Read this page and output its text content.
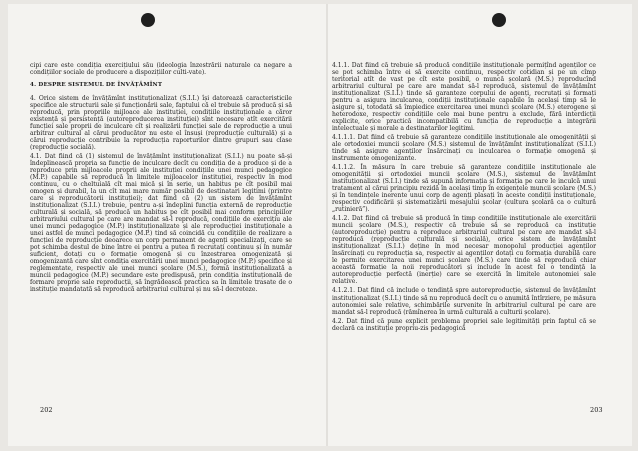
cipi care este condiția exercițiului său (ideologia înzestrării naturale ca negare a condițiilor sociale de producere a dispozițiilor culti-vate).

4. DESPRE SISTEMUL DE ÎNVĂȚĂMÎNT

4. Orice sistem de învățămînt instituționalizat (S.I.I.) își datorează caracteristicile specifice ale structurii sale și funcționării sale, faptului că el trebuie să producă și să reproducă, prin propriile mijloace ale instituției, condițiile instituționale a căror existență și persistență (autoreproducerea instituției) sînt necesare atît exercitării funcției sale proprii de inculcare cît și realizării funcției sale de reproducție a unui arbitrar cultural al cărui producător nu este el însuși (reproducție culturală) și a cărui reproducție contribuie la reproducția raporturilor dintre grupuri sau clase (reproducție socială).

4.1. Dat fiind că (1) sistemul de învățămînt instituționalizat (S.I.I.) nu poate să-și îndeplinească propria sa funcție de inculcare decît cu condiția de a produce și de a reproduce prin mijloacele proprii ale instituției condițiile unei munci pedagogice (M.P.) capabile să reproducă în limitele mijloacelor instituției, respectiv în mod continuu, cu o cheltuială cît mai mică și în serie, un habitus pe cît posibil mai omogen și durabil, la un cît mai mare număr posibil de destinatari legitimi (printre care și reproducătorii instituției); dat fiind că (2) un sistem de învățămînt instituționalizat (S.I.I.) trebuie, pentru a-și îndeplini funcția externă de reproducție culturală și socială, să producă un habitus pe cît posibil mai conform principiilor arbitrariului cultural pe care are mandat să-l reproducă, condițiile de exercițiu ale unei munci pedagogice (M.P.) instituționalizate și ale reproducției instituționale a unei astfel de munci pedagogice (M.P.) tind să coincidă cu condițiile de realizare a funcției de reproducție deoarece un corp permanent de agenți specializați, care se pot schimba destul de bine între ei pentru a putea fi recrutați continuu și în număr suficient, dotați cu o formație omogenă și cu înzestrarea omogenizată și omogenizantă care sînt condiția exercitării unei munci pedagogice (M.P.) specifice și reglementate, respectiv ale unei munci școlare (M.S.), formă instituționalizată a muncii pedagogice (M.P.) secundare este predispusă, prin condiția instituțională de formare proprie sale reproducții, să îngrădească practica sa în limitele trasate de o instituție mandatată să reproducă arbitrariul cultural și nu să-l decreteze.

202

4.1.1. Dat fiind că trebuie să producă condițiile instituționale permițînd agenților ce se pot schimba între ei să exercite continuu, respectiv cotidian și pe un cîmp teritorial atît de vast pe cît este posibil, o muncă școlară (M.S.) reproducînd arbitrariul cultural pe care are mandat să-l reproducă, sistemul de învățămînt instituționalizat (S.I.I.) tinde să garanteze corpului de agenți, recrutați și formați pentru a asigura inculcarea, condiții instituționale capabile în același timp să le asigure și, totodată să împiedice exercitarea unei munci școlare (M.S.) eterogene și heterodoxe, respectiv condițiile cele mai bune pentru a exclude, fără interdicții explicite, orice practică incompatibilă cu funcția de reproducție a integrării intelectuale și morale a destinatarilor legitimi.

4.1.1.1. Dat fiind că trebuie să garanteze condițiile instituționale ale omogenității și ale ortodoxiei muncii școlare (M.S.) sistemul de învățămînt instituționalizat (S.I.I.) tinde să asigure agenților însărcinați cu inculcarea o formație omogenă și instrumente omogenizante.

4.1.1.2. În măsura în care trebuie să garanteze condițiile instituționale ale omogenității și ortodoxiei muncii școlare (M.S.), sistemul de învățămînt instituționalizat (S.I.I.) tinde să supună informația și formația pe care le inculcă unui tratament al cărui principiu rezidă în același timp în exigențele muncii școlare (M.S.) și în tendințele inerente unui corp de agenți plasați în aceste condiții instituționale, respectiv codificării și sistematizării mesajului școlar (cultura școlară ca o cultură „rutinieră”).

4.1.2. Dat fiind că trebuie să producă în timp condițiile instituționale ale exercitării muncii școlare (M.S.), respectiv că trebuie să se reproducă ca instituție (autoreproducție) pentru a reproduce arbitrariul cultural pe care are mandat să-l reproducă (reproducție culturală și socială), orice sistem de învățămînt instituționalizat (S.I.I.) deține în mod necesar monopolul producției agenților însărcinați cu reproducția sa, respectiv ai agenților dotați cu formația durabilă care le permite exercitarea unei munci școlare (M.S.) care tinde să reproducă chiar această formație la noii reproducători și include în acest fel o tendință la autoreproducție perfectă (inerție) care se exercită în limitele autonomiei sale relative.

4.1.2.1. Dat fiind că include o tendință spre autoreproducție, sistemul de învățămînt instituționalizat (S.I.I.) tinde să nu reproducă decît cu o anumită întîrziere, pe măsura autonomiei sale relative, schimbările survenite în arbitrariul cultural pe care are mandat să-l reproducă (rămînerea în urmă culturală a culturii școlare).

4.2. Dat fiind că pune explicit problema propriei sale legitimități prin faptul că se declară ca instituție propriu-zis pedagogică

203
